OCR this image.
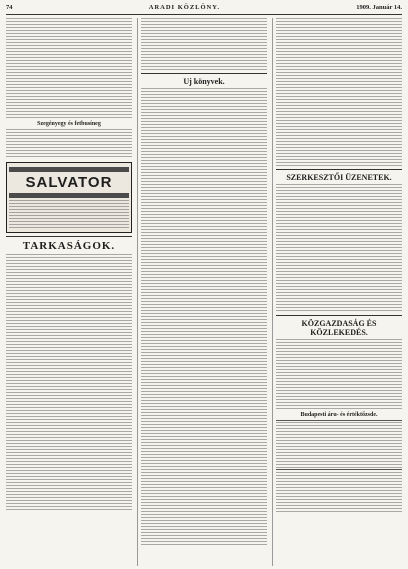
74	ARADI KÖZLÖNY.	1909. Január 14.
Szegényegy és fetbusíneg
SALVATOR
TARKASÁGOK.
Uj könyvek.
SZERKESZTŐI ÜZENETEK.
KÖZGAZDASÁG ÉS KÖZLEKEDÉS.
Budapesti áru- és értéktőzsde.
